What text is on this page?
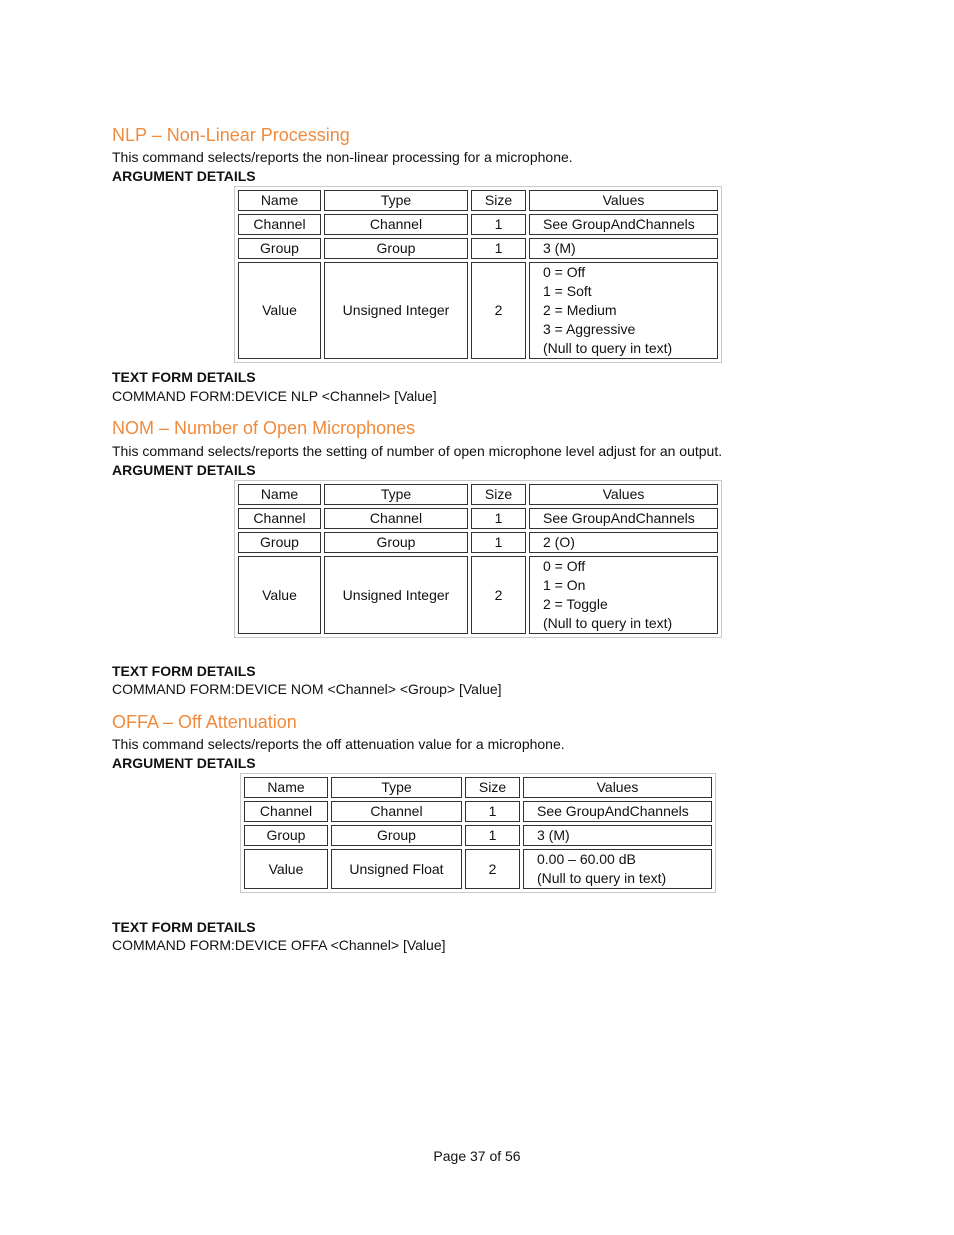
NLP – Non-Linear Processing
This command selects/reports the non-linear processing for a microphone.
ARGUMENT DETAILS
Name	Type	Size	Values
Channel	Channel	1	See GroupAndChannels
Group	Group	1	3 (M)
Value	Unsigned Integer	2	0 = Off
1 = Soft
2 = Medium
3 = Aggressive
(Null to query in text)
TEXT FORM DETAILS
COMMAND FORM:DEVICE NLP <Channel> [Value]
NOM – Number of Open Microphones
This command selects/reports the setting of number of open microphone level adjust for an output.
ARGUMENT DETAILS
Name	Type	Size	Values
Channel	Channel	1	See GroupAndChannels
Group	Group	1	2 (O)
Value	Unsigned Integer	2	0 = Off
1 = On
2 = Toggle
(Null to query in text)
TEXT FORM DETAILS
COMMAND FORM:DEVICE NOM <Channel> <Group> [Value]
OFFA – Off Attenuation
This command selects/reports the off attenuation value for a microphone.
ARGUMENT DETAILS
Name	Type	Size	Values
Channel	Channel	1	See GroupAndChannels
Group	Group	1	3 (M)
Value	Unsigned Float	2	0.00 – 60.00 dB
(Null to query in text)
TEXT FORM DETAILS
COMMAND FORM:DEVICE OFFA <Channel> [Value]
Page 37 of 56
